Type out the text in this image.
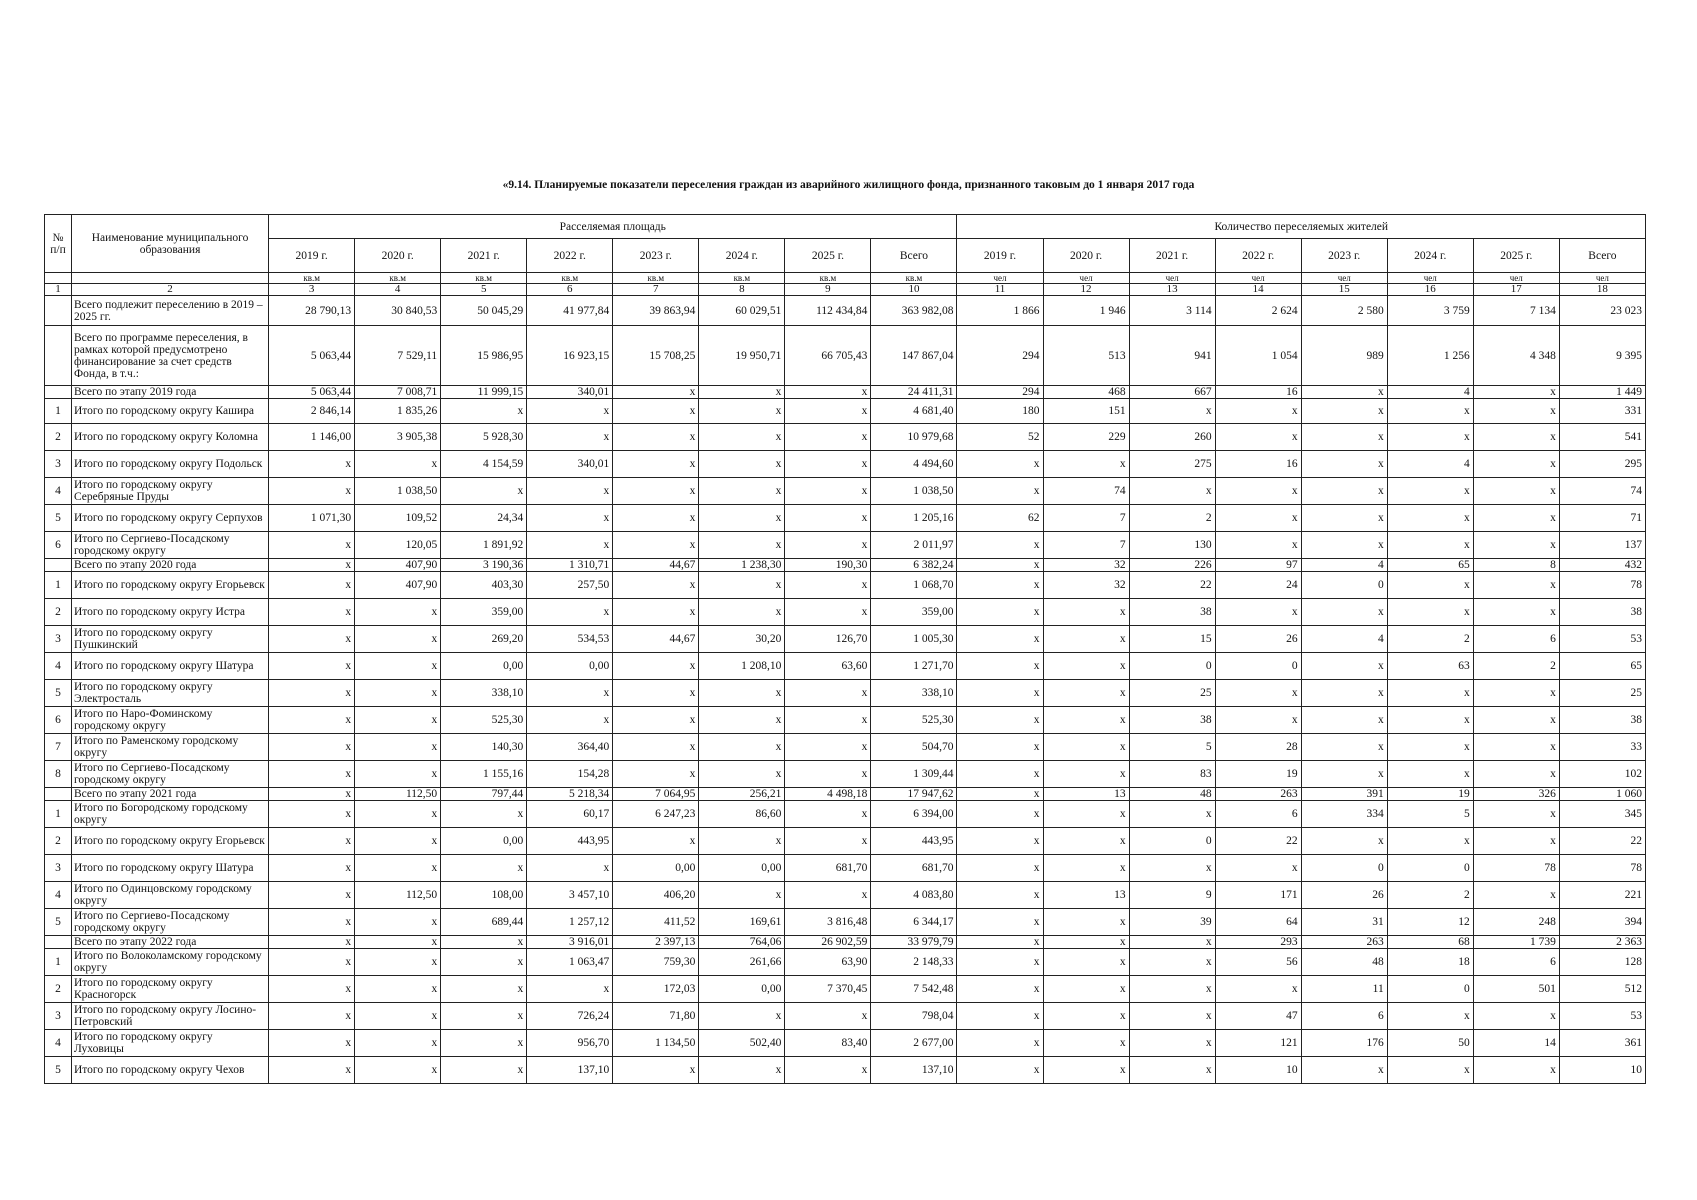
«9.14. Планируемые показатели переселения граждан из аварийного жилищного фонда, признанного таковым до 1 января 2017 года
№ п/п	Наименование муниципального образования	Расселяемая площадь								Количество переселяемых жителей							
		2019 г.	2020 г.	2021 г.	2022 г.	2023 г.	2024 г.	2025 г.	Всего	2019 г.	2020 г.	2021 г.	2022 г.	2023 г.	2024 г.	2025 г.	Всего
		кв.м	кв.м	кв.м	кв.м	кв.м	кв.м	кв.м	кв.м	чел	чел	чел	чел	чел	чел	чел	чел
1	2	3	4	5	6	7	8	9	10	11	12	13	14	15	16	17	18
	Всего подлежит переселению в 2019 – 2025 гг.	28 790,13	30 840,53	50 045,29	41 977,84	39 863,94	60 029,51	112 434,84	363 982,08	1 866	1 946	3 114	2 624	2 580	3 759	7 134	23 023
	Всего по программе переселения, в рамках которой предусмотрено финансирование за счет средств Фонда, в т.ч.:	5 063,44	7 529,11	15 986,95	16 923,15	15 708,25	19 950,71	66 705,43	147 867,04	294	513	941	1 054	989	1 256	4 348	9 395
	Всего по этапу 2019 года	5 063,44	7 008,71	11 999,15	340,01	x	x	x	24 411,31	294	468	667	16	x	4	x	1 449
1	Итого по городскому округу Кашира	2 846,14	1 835,26	x	x	x	x	x	4 681,40	180	151	x	x	x	x	x	331
2	Итого по городскому округу Коломна	1 146,00	3 905,38	5 928,30	x	x	x	x	10 979,68	52	229	260	x	x	x	x	541
3	Итого по городскому округу Подольск	x	x	4 154,59	340,01	x	x	x	4 494,60	x	x	275	16	x	4	x	295
4	Итого по городскому округу Серебряные Пруды	x	1 038,50	x	x	x	x	x	1 038,50	x	74	x	x	x	x	x	74
5	Итого по городскому округу Серпухов	1 071,30	109,52	24,34	x	x	x	x	1 205,16	62	7	2	x	x	x	x	71
6	Итого по Сергиево-Посадскому городскому округу	x	120,05	1 891,92	x	x	x	x	2 011,97	x	7	130	x	x	x	x	137
	Всего по этапу 2020 года	x	407,90	3 190,36	1 310,71	44,67	1 238,30	190,30	6 382,24	x	32	226	97	4	65	8	432
1	Итого по городскому округу Егорьевск	x	407,90	403,30	257,50	x	x	x	1 068,70	x	32	22	24	0	x	x	78
2	Итого по городскому округу Истра	x	x	359,00	x	x	x	x	359,00	x	x	38	x	x	x	x	38
3	Итого по городскому округу Пушкинский	x	x	269,20	534,53	44,67	30,20	126,70	1 005,30	x	x	15	26	4	2	6	53
4	Итого по городскому округу Шатура	x	x	0,00	0,00	x	1 208,10	63,60	1 271,70	x	x	0	0	x	63	2	65
5	Итого по городскому округу Электросталь	x	x	338,10	x	x	x	x	338,10	x	x	25	x	x	x	x	25
6	Итого по Наро-Фоминскому городскому округу	x	x	525,30	x	x	x	x	525,30	x	x	38	x	x	x	x	38
7	Итого по Раменскому городскому округу	x	x	140,30	364,40	x	x	x	504,70	x	x	5	28	x	x	x	33
8	Итого по Сергиево-Посадскому городскому округу	x	x	1 155,16	154,28	x	x	x	1 309,44	x	x	83	19	x	x	x	102
	Всего по этапу 2021 года	x	112,50	797,44	5 218,34	7 064,95	256,21	4 498,18	17 947,62	x	13	48	263	391	19	326	1 060
1	Итого по Богородскому городскому округу	x	x	x	60,17	6 247,23	86,60	x	6 394,00	x	x	x	6	334	5	x	345
2	Итого по городскому округу Егорьевск	x	x	0,00	443,95	x	x	x	443,95	x	x	0	22	x	x	x	22
3	Итого по городскому округу Шатура	x	x	x	x	0,00	0,00	681,70	681,70	x	x	x	x	0	0	78	78
4	Итого по Одинцовскому городскому округу	x	112,50	108,00	3 457,10	406,20	x	x	4 083,80	x	13	9	171	26	2	x	221
5	Итого по Сергиево-Посадскому городскому округу	x	x	689,44	1 257,12	411,52	169,61	3 816,48	6 344,17	x	x	39	64	31	12	248	394
	Всего по этапу 2022 года	x	x	x	3 916,01	2 397,13	764,06	26 902,59	33 979,79	x	x	x	293	263	68	1 739	2 363
1	Итого по Волоколамскому городскому округу	x	x	x	1 063,47	759,30	261,66	63,90	2 148,33	x	x	x	56	48	18	6	128
2	Итого по городскому округу Красногорск	x	x	x	x	172,03	0,00	7 370,45	7 542,48	x	x	x	x	11	0	501	512
3	Итого по городскому округу Лосино-Петровский	x	x	x	726,24	71,80	x	x	798,04	x	x	x	47	6	x	x	53
4	Итого по городскому округу Луховицы	x	x	x	956,70	1 134,50	502,40	83,40	2 677,00	x	x	x	121	176	50	14	361
5	Итого по городскому округу Чехов	x	x	x	137,10	x	x	x	137,10	x	x	x	10	x	x	x	10
